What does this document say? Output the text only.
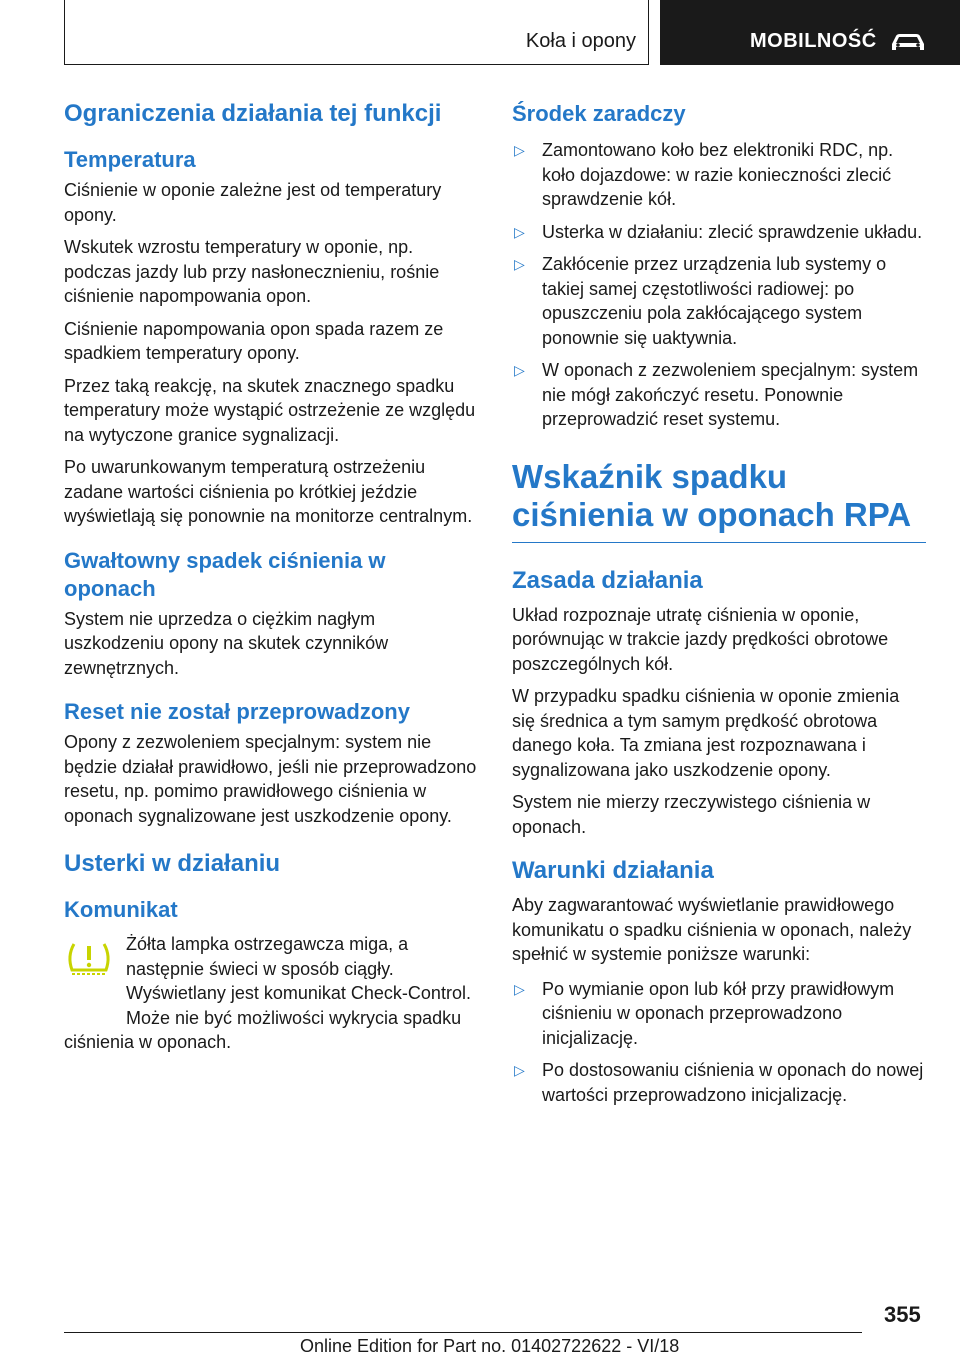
Koła i opony	MOBILNOŚĆ
Ograniczenia działania tej funkcji
Temperatura

Ciśnienie w oponie zależne jest od temperatury opony.

Wskutek wzrostu temperatury w oponie, np. podczas jazdy lub przy nasłonecznieniu, rośnie ciśnienie napompowania opon.

Ciśnienie napompowania opon spada razem ze spadkiem temperatury opony.

Przez taką reakcję, na skutek znacznego spadku temperatury może wystąpić ostrzeżenie ze względu na wytyczone granice sygnalizacji.

Po uwarunkowanym temperaturą ostrzeżeniu zadane wartości ciśnienia po krótkiej jeździe wyświetlają się ponownie na monitorze centralnym.

Gwałtowny spadek ciśnienia w oponach

System nie uprzedza o ciężkim nagłym uszkodzeniu opony na skutek czynników zewnętrznych.

Reset nie został przeprowadzony

Opony z zezwoleniem specjalnym: system nie będzie działał prawidłowo, jeśli nie przeprowadzono resetu, np. pomimo prawidłowego ciśnienia w oponach sygnalizowane jest uszkodzenie opony.

Usterki w działaniu
Komunikat

Żółta lampka ostrzegawcza miga, a następnie świeci w sposób ciągły. Wyświetlany jest komunikat Check-Control. Może nie być możliwości wykrycia spadku ciśnienia w oponach.

Środek zaradczy
▷ Zamontowano koło bez elektroniki RDC, np. koło dojazdowe: w razie konieczności zlecić sprawdzenie kół.
▷ Usterka w działaniu: zlecić sprawdzenie układu.
▷ Zakłócenie przez urządzenia lub systemy o takiej samej częstotliwości radiowej: po opuszczeniu pola zakłócającego system ponownie się uaktywnia.
▷ W oponach z zezwoleniem specjalnym: system nie mógł zakończyć resetu. Ponownie przeprowadzić reset systemu.
Wskaźnik spadku ciśnienia w oponach RPA
Zasada działania

Układ rozpoznaje utratę ciśnienia w oponie, porównując w trakcie jazdy prędkości obrotowe poszczególnych kół.

W przypadku spadku ciśnienia w oponie zmienia się średnica a tym samym prędkość obrotowa danego koła. Ta zmiana jest rozpoznawana i sygnalizowana jako uszkodzenie opony.

System nie mierzy rzeczywistego ciśnienia w oponach.

Warunki działania

Aby zagwarantować wyświetlanie prawidłowego komunikatu o spadku ciśnienia w oponach, należy spełnić w systemie poniższe warunki:

▷ Po wymianie opon lub kół przy prawidłowym ciśnieniu w oponach przeprowadzono inicjalizację.
▷ Po dostosowaniu ciśnienia w oponach do nowej wartości przeprowadzono inicjalizację.
355
Online Edition for Part no. 01402722622 - VI/18
